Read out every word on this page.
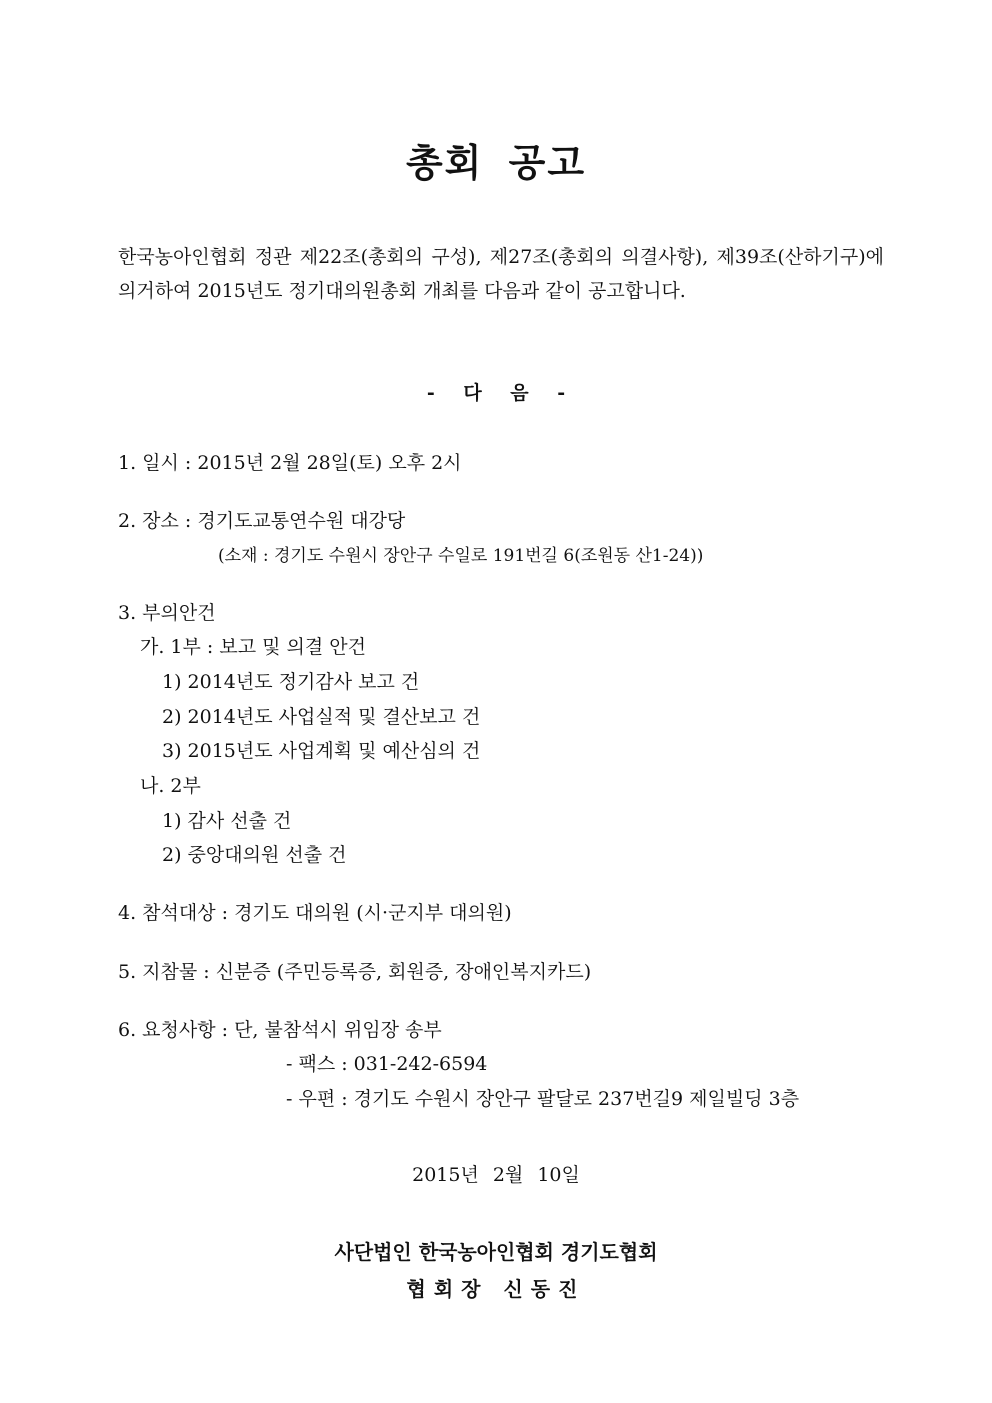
총회 공고
한국농아인협회 정관 제22조(총회의 구성), 제27조(총회의 의결사항), 제39조(산하기구)에 의거하여 2015년도 정기대의원총회 개최를 다음과 같이 공고합니다.
- 다 음 -
1. 일시 : 2015년 2월 28일(토) 오후 2시
2. 장소 : 경기도교통연수원 대강당
(소재 : 경기도 수원시 장안구 수일로 191번길 6(조원동 산1-24))
3. 부의안건
가. 1부 : 보고 및 의결 안건
1) 2014년도 정기감사 보고 건
2) 2014년도 사업실적 및 결산보고 건
3) 2015년도 사업계획 및 예산심의 건
나. 2부
1) 감사 선출 건
2) 중앙대의원 선출 건
4. 참석대상 : 경기도 대의원 (시·군지부 대의원)
5. 지참물 : 신분증 (주민등록증, 회원증, 장애인복지카드)
6. 요청사항 : 단, 불참석시 위임장 송부
- 팩스 : 031-242-6594
- 우편 : 경기도 수원시 장안구 팔달로 237번길9 제일빌딩 3층
2015년 2월 10일
사단법인 한국농아인협회 경기도협회
협회장 신동진
